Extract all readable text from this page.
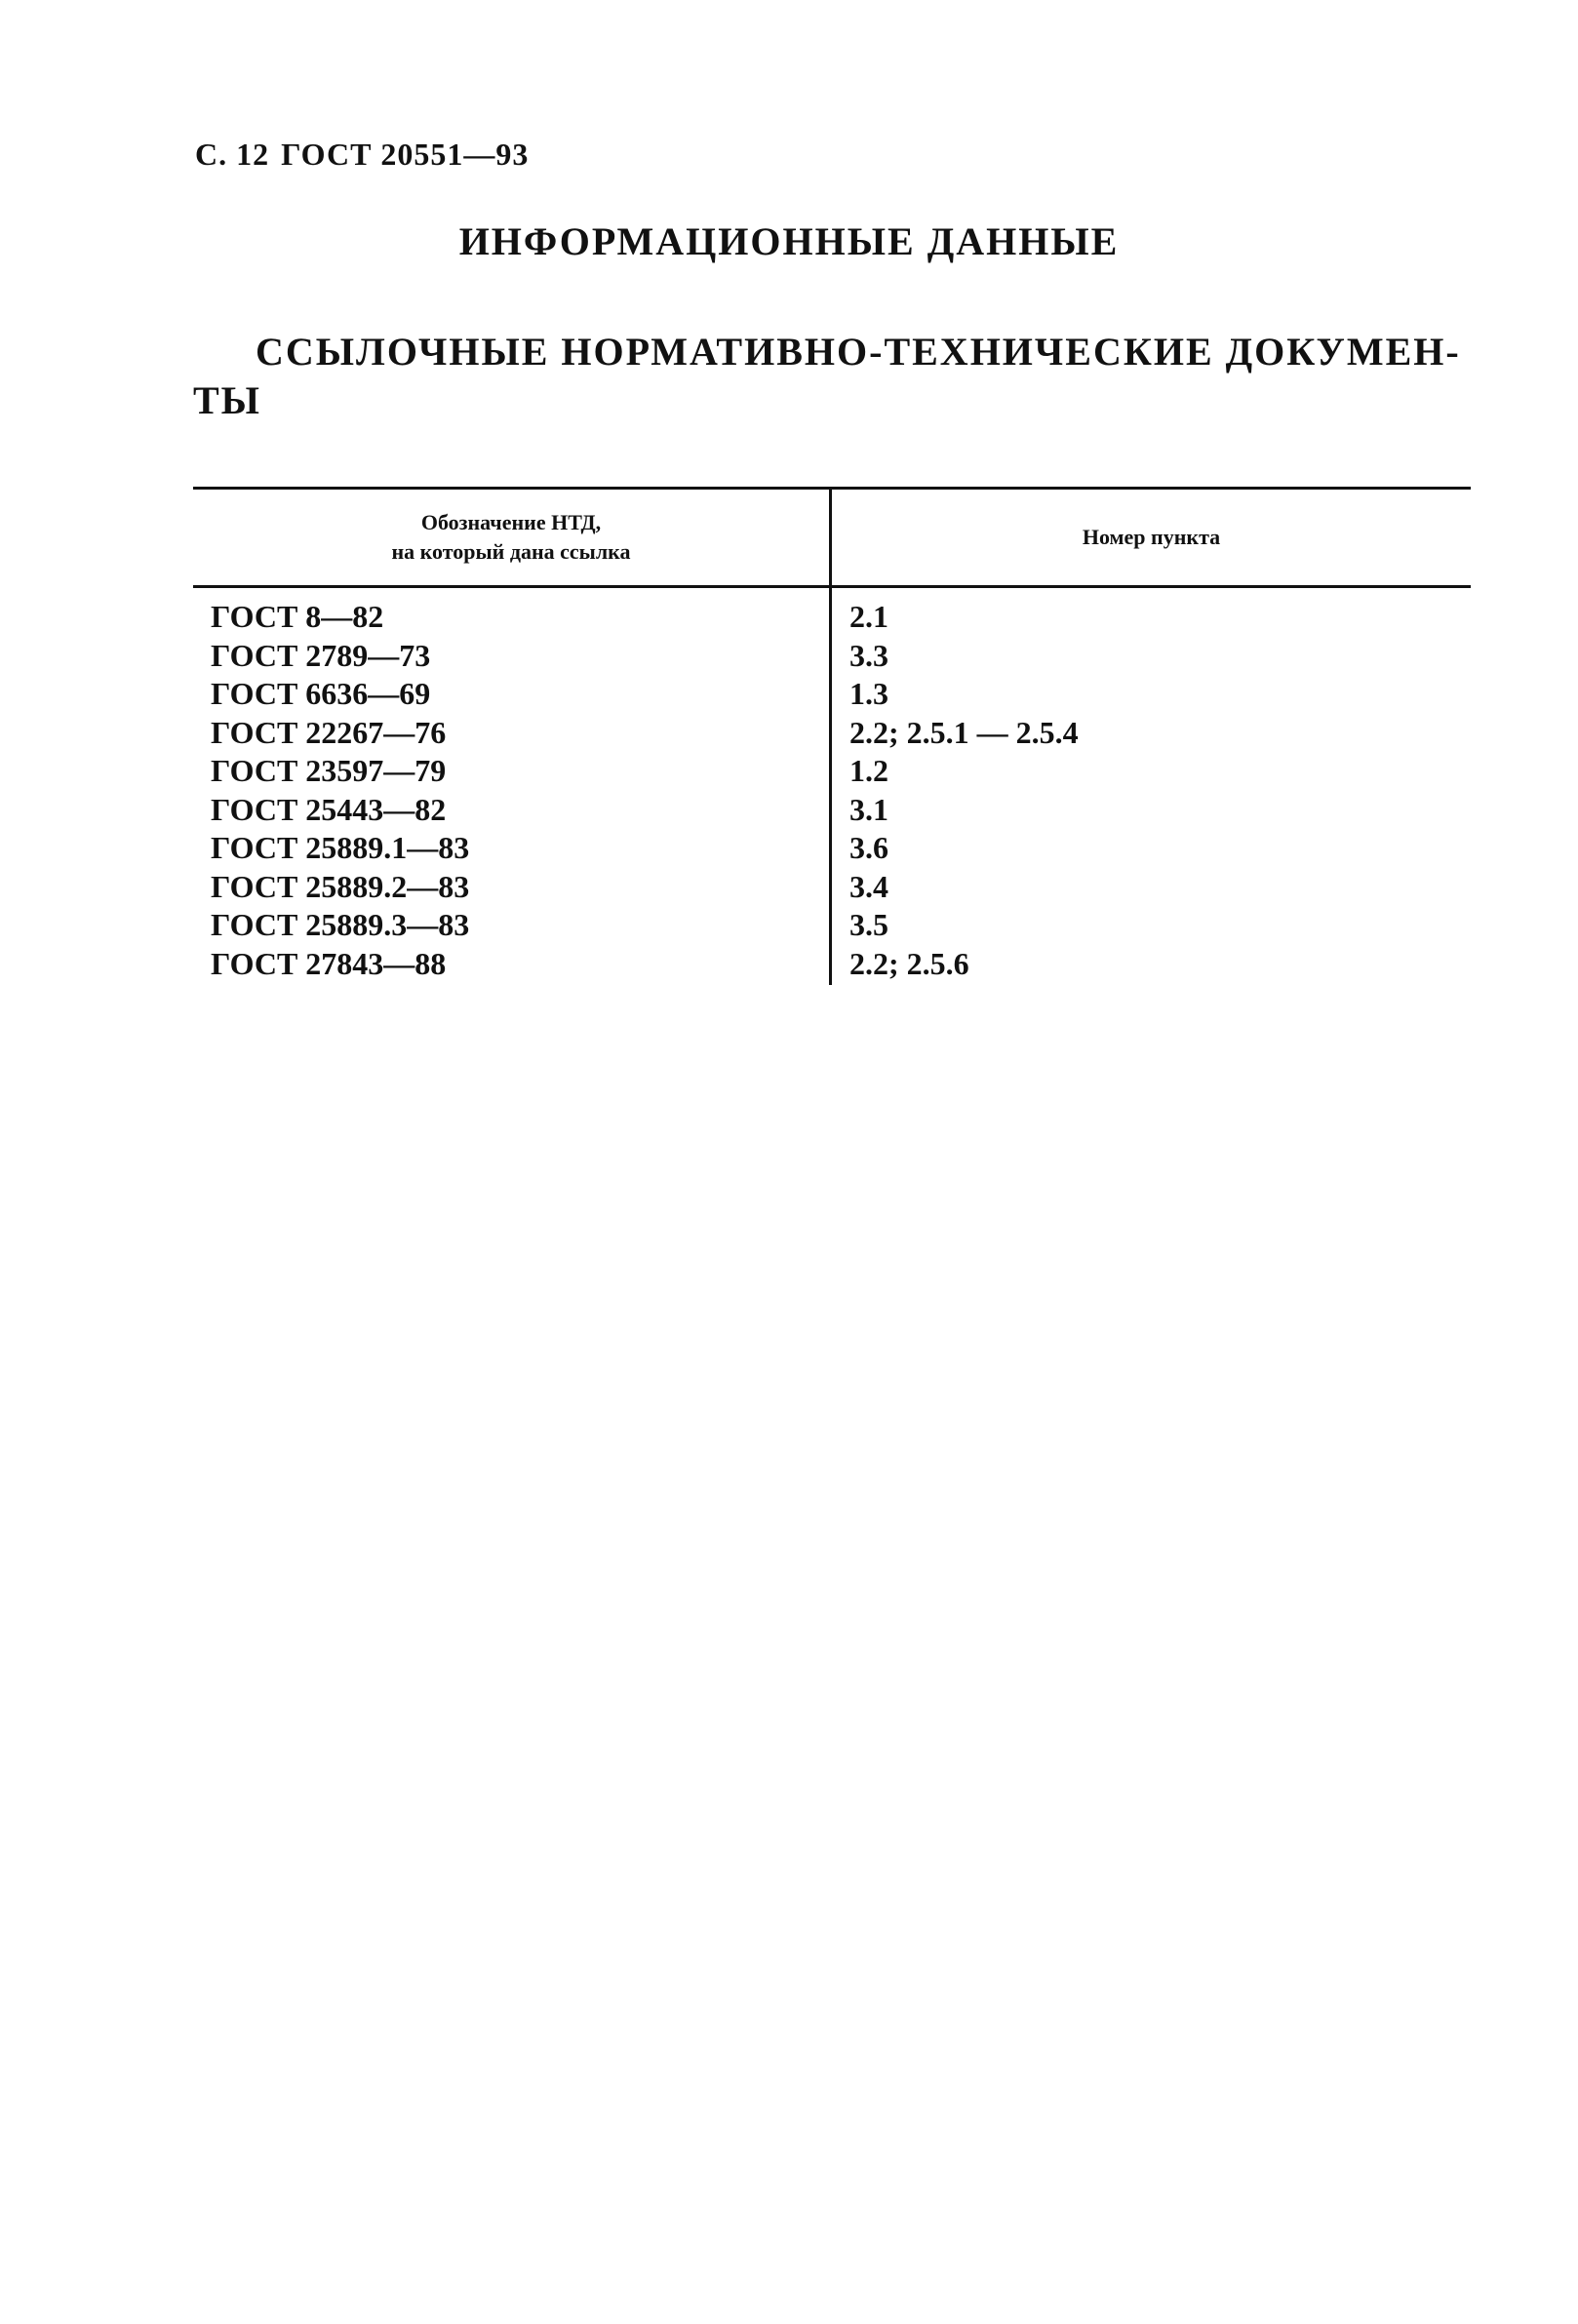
С. 12 ГОСТ 20551—93
ИНФОРМАЦИОННЫЕ ДАННЫЕ
ССЫЛОЧНЫЕ НОРМАТИВНО-ТЕХНИЧЕСКИЕ ДОКУМЕН-
ТЫ
Обозначение НТД,
на который дана ссылка
Номер пункта
ГОСТ 8—82
ГОСТ 2789—73
ГОСТ 6636—69
ГОСТ 22267—76
ГОСТ 23597—79
ГОСТ 25443—82
ГОСТ 25889.1—83
ГОСТ 25889.2—83
ГОСТ 25889.3—83
ГОСТ 27843—88
2.1
3.3
1.3
2.2; 2.5.1 — 2.5.4
1.2
3.1
3.6
3.4
3.5
2.2; 2.5.6
